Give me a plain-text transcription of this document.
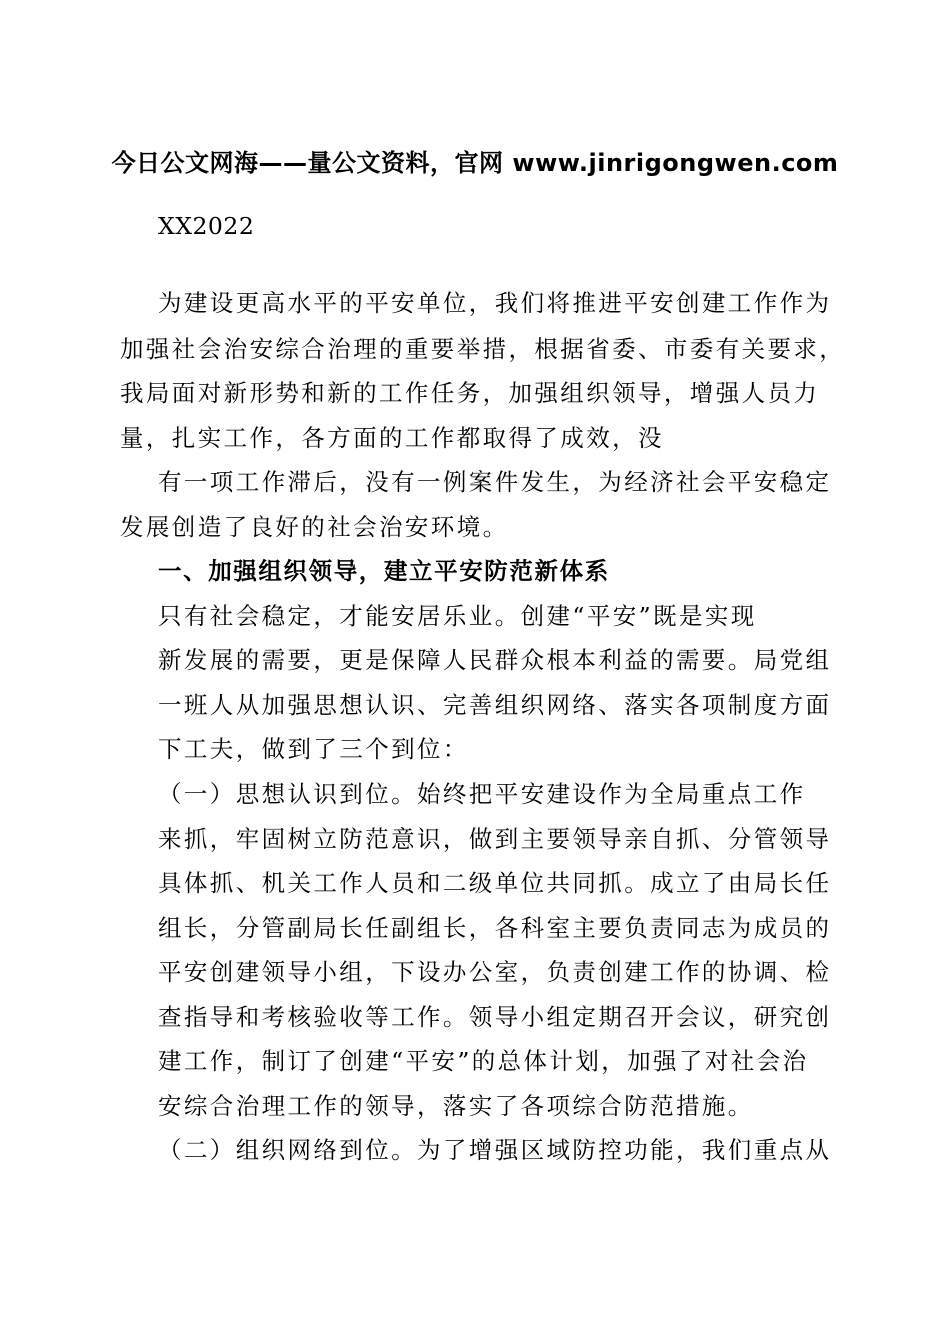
今日公文网海——量公文资料，官网 www.jinrigongwen.com
XX2022
为建设更高水平的平安单位，我们将推进平安创建工作作为
加强社会治安综合治理的重要举措，根据省委、市委有关要求，
我局面对新形势和新的工作任务，加强组织领导，增强人员力
量，扎实工作，各方面的工作都取得了成效，没
有一项工作滞后，没有一例案件发生，为经济社会平安稳定
发展创造了良好的社会治安环境。
一、加强组织领导，建立平安防范新体系
只有社会稳定，才能安居乐业。创建“平安”既是实现
新发展的需要，更是保障人民群众根本利益的需要。局党组
一班人从加强思想认识、完善组织网络、落实各项制度方面
下工夫，做到了三个到位：
（一）思想认识到位。始终把平安建设作为全局重点工作
来抓，牢固树立防范意识，做到主要领导亲自抓、分管领导
具体抓、机关工作人员和二级单位共同抓。成立了由局长任
组长，分管副局长任副组长，各科室主要负责同志为成员的
平安创建领导小组，下设办公室，负责创建工作的协调、检
查指导和考核验收等工作。领导小组定期召开会议，研究创
建工作，制订了创建“平安”的总体计划，加强了对社会治
安综合治理工作的领导，落实了各项综合防范措施。
（二）组织网络到位。为了增强区域防控功能，我们重点从
